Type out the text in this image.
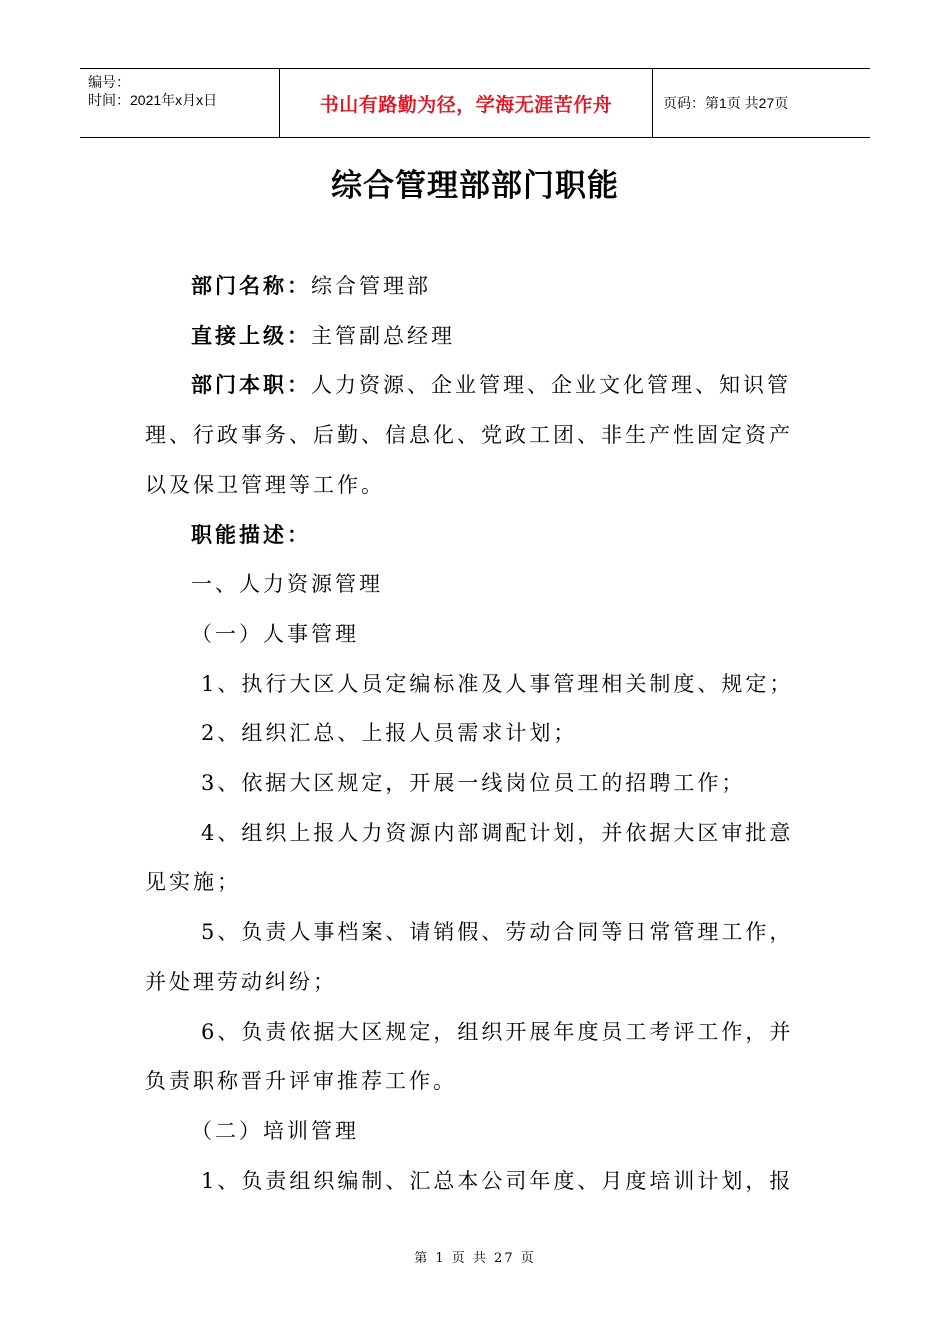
编号：
时间：2021年x月x日	书山有路勤为径，学海无涯苦作舟	页码：第1页 共27页
综合管理部部门职能

部门名称：综合管理部

直接上级：主管副总经理

部门本职：人力资源、企业管理、企业文化管理、知识管理、行政事务、后勤、信息化、党政工团、非生产性固定资产以及保卫管理等工作。

职能描述：

一、人力资源管理

（一）人事管理

1、执行大区人员定编标准及人事管理相关制度、规定；

2、组织汇总、上报人员需求计划；

3、依据大区规定，开展一线岗位员工的招聘工作；

4、组织上报人力资源内部调配计划，并依据大区审批意见实施；

5、负责人事档案、请销假、劳动合同等日常管理工作，并处理劳动纠纷；

6、负责依据大区规定，组织开展年度员工考评工作，并负责职称晋升评审推荐工作。

（二）培训管理

1、负责组织编制、汇总本公司年度、月度培训计划，报

第 1 页 共 27 页
